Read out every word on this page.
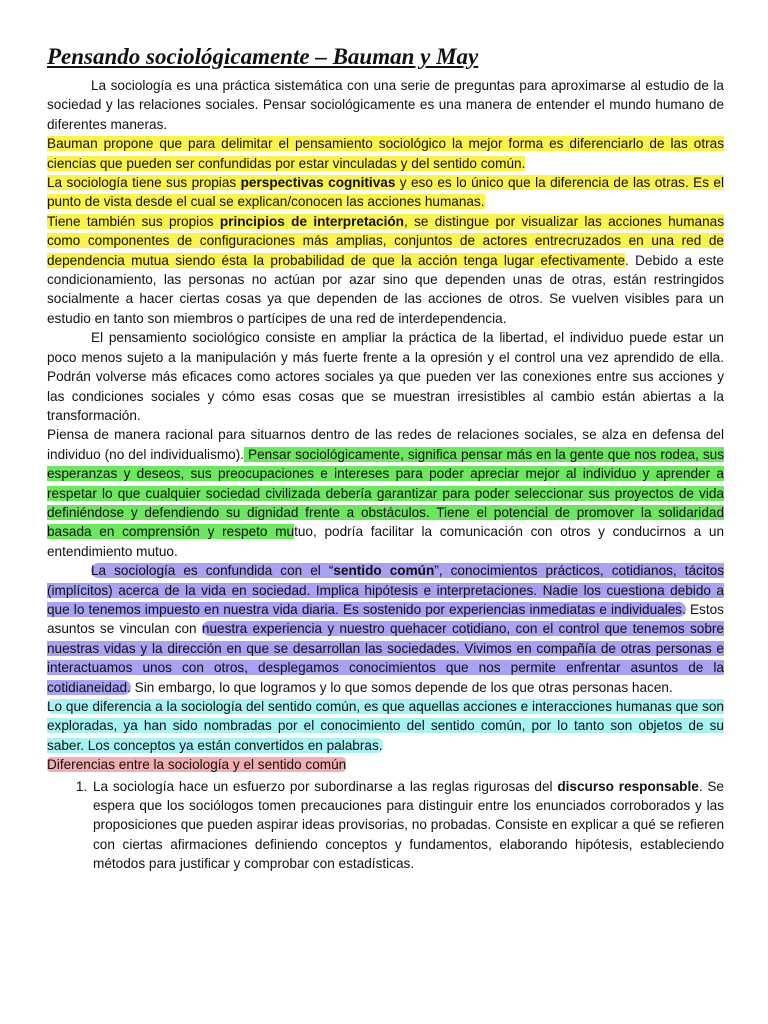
Pensando sociológicamente – Bauman y May

La sociología es una práctica sistemática con una serie de preguntas para aproximarse al estudio de la sociedad y las relaciones sociales. Pensar sociológicamente es una manera de entender el mundo humano de diferentes maneras.

Bauman propone que para delimitar el pensamiento sociológico la mejor forma es diferenciarlo de las otras ciencias que pueden ser confundidas por estar vinculadas y del sentido común.

La sociología tiene sus propias perspectivas cognitivas y eso es lo único que la diferencia de las otras. Es el punto de vista desde el cual se explican/conocen las acciones humanas.

Tiene también sus propios principios de interpretación, se distingue por visualizar las acciones humanas como componentes de configuraciones más amplias, conjuntos de actores entrecruzados en una red de dependencia mutua siendo ésta la probabilidad de que la acción tenga lugar efectivamente. Debido a este condicionamiento, las personas no actúan por azar sino que dependen unas de otras, están restringidos socialmente a hacer ciertas cosas ya que dependen de las acciones de otros. Se vuelven visibles para un estudio en tanto son miembros o partícipes de una red de interdependencia.

El pensamiento sociológico consiste en ampliar la práctica de la libertad, el individuo puede estar un poco menos sujeto a la manipulación y más fuerte frente a la opresión y el control una vez aprendido de ella. Podrán volverse más eficaces como actores sociales ya que pueden ver las conexiones entre sus acciones y las condiciones sociales y cómo esas cosas que se muestran irresistibles al cambio están abiertas a la transformación.

Piensa de manera racional para situarnos dentro de las redes de relaciones sociales, se alza en defensa del individuo (no del individualismo). Pensar sociológicamente, significa pensar más en la gente que nos rodea, sus esperanzas y deseos, sus preocupaciones e intereses para poder apreciar mejor al individuo y aprender a respetar lo que cualquier sociedad civilizada debería garantizar para poder seleccionar sus proyectos de vida definiéndose y defendiendo su dignidad frente a obstáculos. Tiene el potencial de promover la solidaridad basada en comprensión y respeto mutuo, podría facilitar la comunicación con otros y conducirnos a un entendimiento mutuo.

La sociología es confundida con el “sentido común”, conocimientos prácticos, cotidianos, tácitos (implícitos) acerca de la vida en sociedad. Implica hipótesis e interpretaciones. Nadie los cuestiona debido a que lo tenemos impuesto en nuestra vida diaria. Es sostenido por experiencias inmediatas e individuales. Estos asuntos se vinculan con nuestra experiencia y nuestro quehacer cotidiano, con el control que tenemos sobre nuestras vidas y la dirección en que se desarrollan las sociedades. Vivimos en compañía de otras personas e interactuamos unos con otros, desplegamos conocimientos que nos permite enfrentar asuntos de la cotidianeidad. Sin embargo, lo que logramos y lo que somos depende de los que otras personas hacen.

Lo que diferencia a la sociología del sentido común, es que aquellas acciones e interacciones humanas que son exploradas, ya han sido nombradas por el conocimiento del sentido común, por lo tanto son objetos de su saber. Los conceptos ya están convertidos en palabras.

Diferencias entre la sociología y el sentido común

1. La sociología hace un esfuerzo por subordinarse a las reglas rigurosas del discurso responsable. Se espera que los sociólogos tomen precauciones para distinguir entre los enunciados corroborados y las proposiciones que pueden aspirar ideas provisorias, no probadas. Consiste en explicar a qué se refieren con ciertas afirmaciones definiendo conceptos y fundamentos, elaborando hipótesis, estableciendo métodos para justificar y comprobar con estadísticas.
